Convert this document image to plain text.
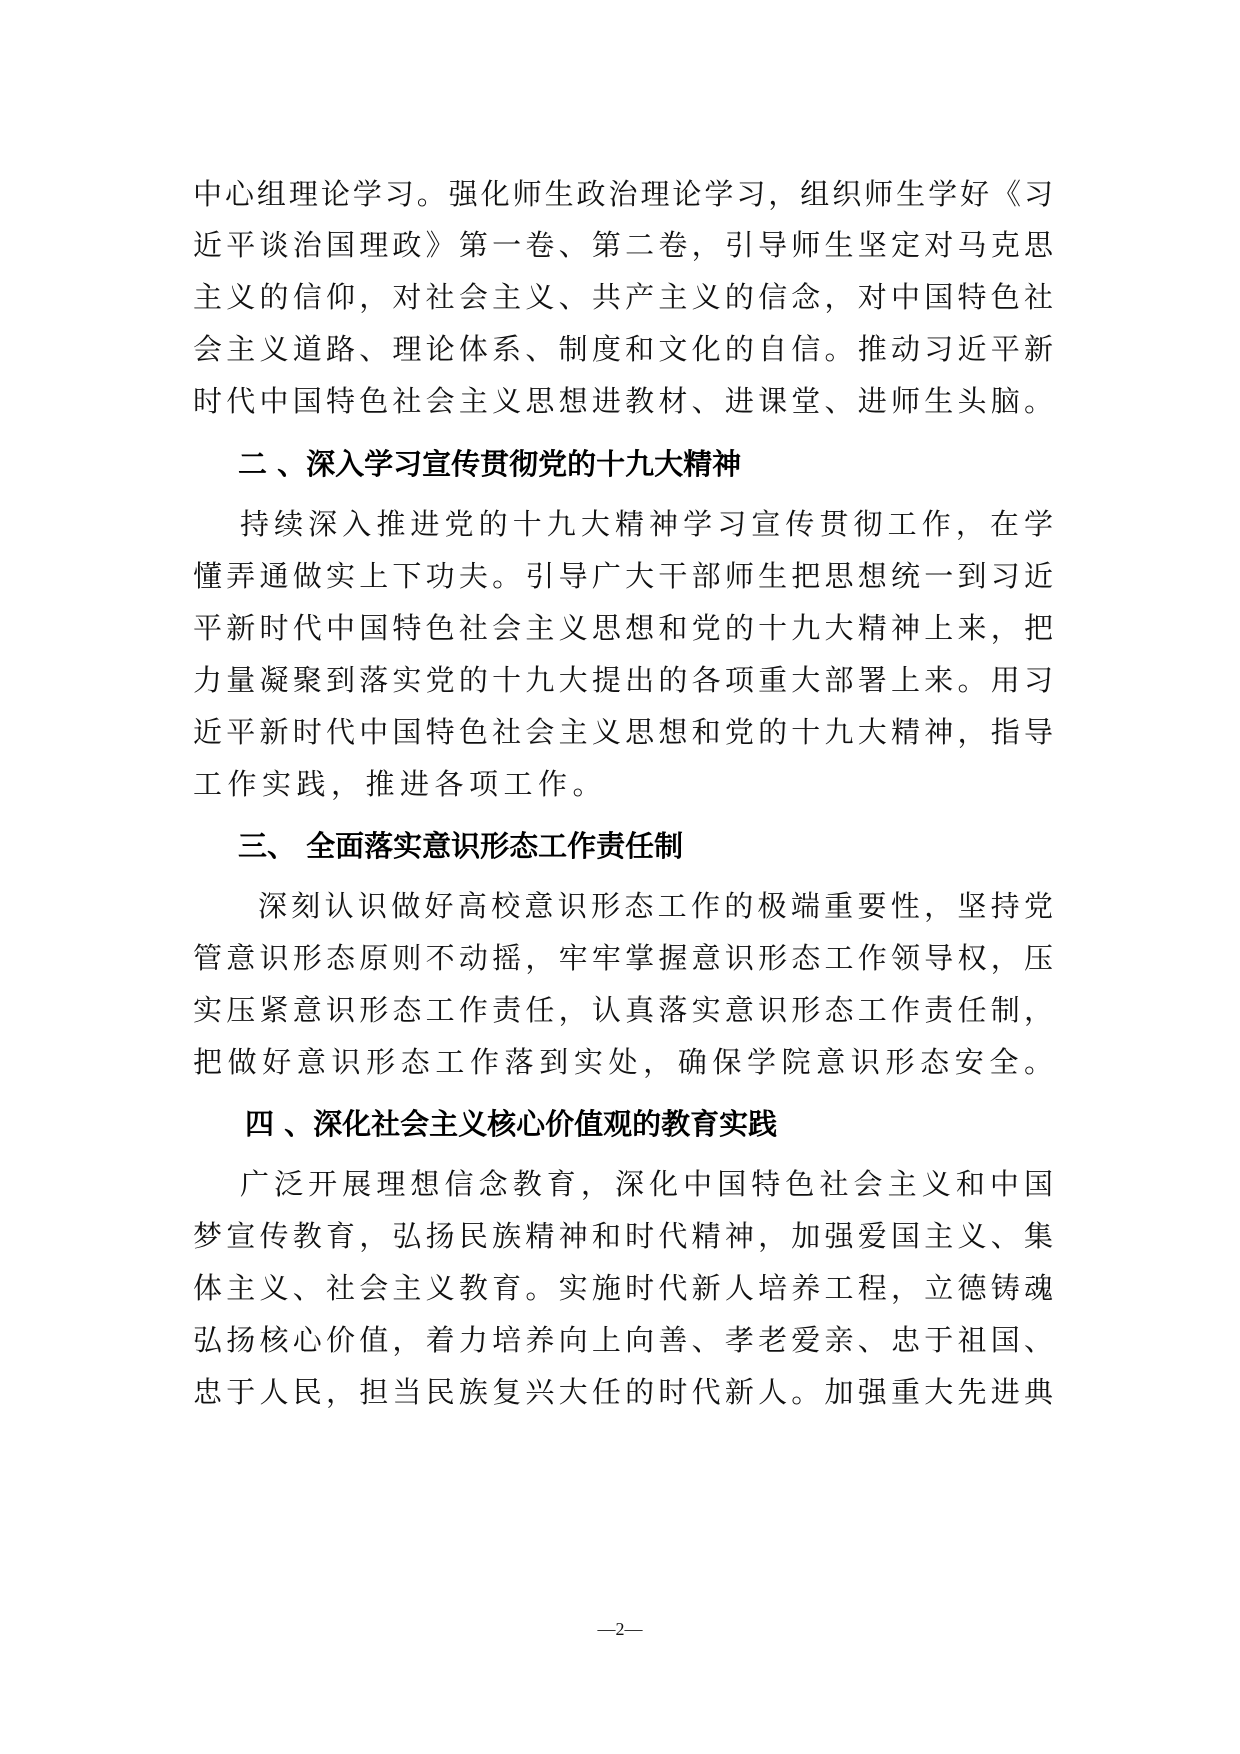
中心组理论学习。强化师生政治理论学习，组织师生学好《习
近平谈治国理政》第一卷、第二卷，引导师生坚定对马克思
主义的信仰，对社会主义、共产主义的信念，对中国特色社
会主义道路、理论体系、制度和文化的自信。推动习近平新
时代中国特色社会主义思想进教材、进课堂、进师生头脑。
二 、深入学习宣传贯彻党的十九大精神
持续深入推进党的十九大精神学习宣传贯彻工作，在学
懂弄通做实上下功夫。引导广大干部师生把思想统一到习近
平新时代中国特色社会主义思想和党的十九大精神上来，把
力量凝聚到落实党的十九大提出的各项重大部署上来。用习
近平新时代中国特色社会主义思想和党的十九大精神，指导
工作实践，推进各项工作。
三、 全面落实意识形态工作责任制
深刻认识做好高校意识形态工作的极端重要性，坚持党
管意识形态原则不动摇，牢牢掌握意识形态工作领导权，压
实压紧意识形态工作责任，认真落实意识形态工作责任制，
把做好意识形态工作落到实处，确保学院意识形态安全。
四 、深化社会主义核心价值观的教育实践
广泛开展理想信念教育，深化中国特色社会主义和中国
梦宣传教育，弘扬民族精神和时代精神，加强爱国主义、集
体主义、社会主义教育。实施时代新人培养工程，立德铸魂
弘扬核心价值，着力培养向上向善、孝老爱亲、忠于祖国、
忠于人民，担当民族复兴大任的时代新人。加强重大先进典
—2—
